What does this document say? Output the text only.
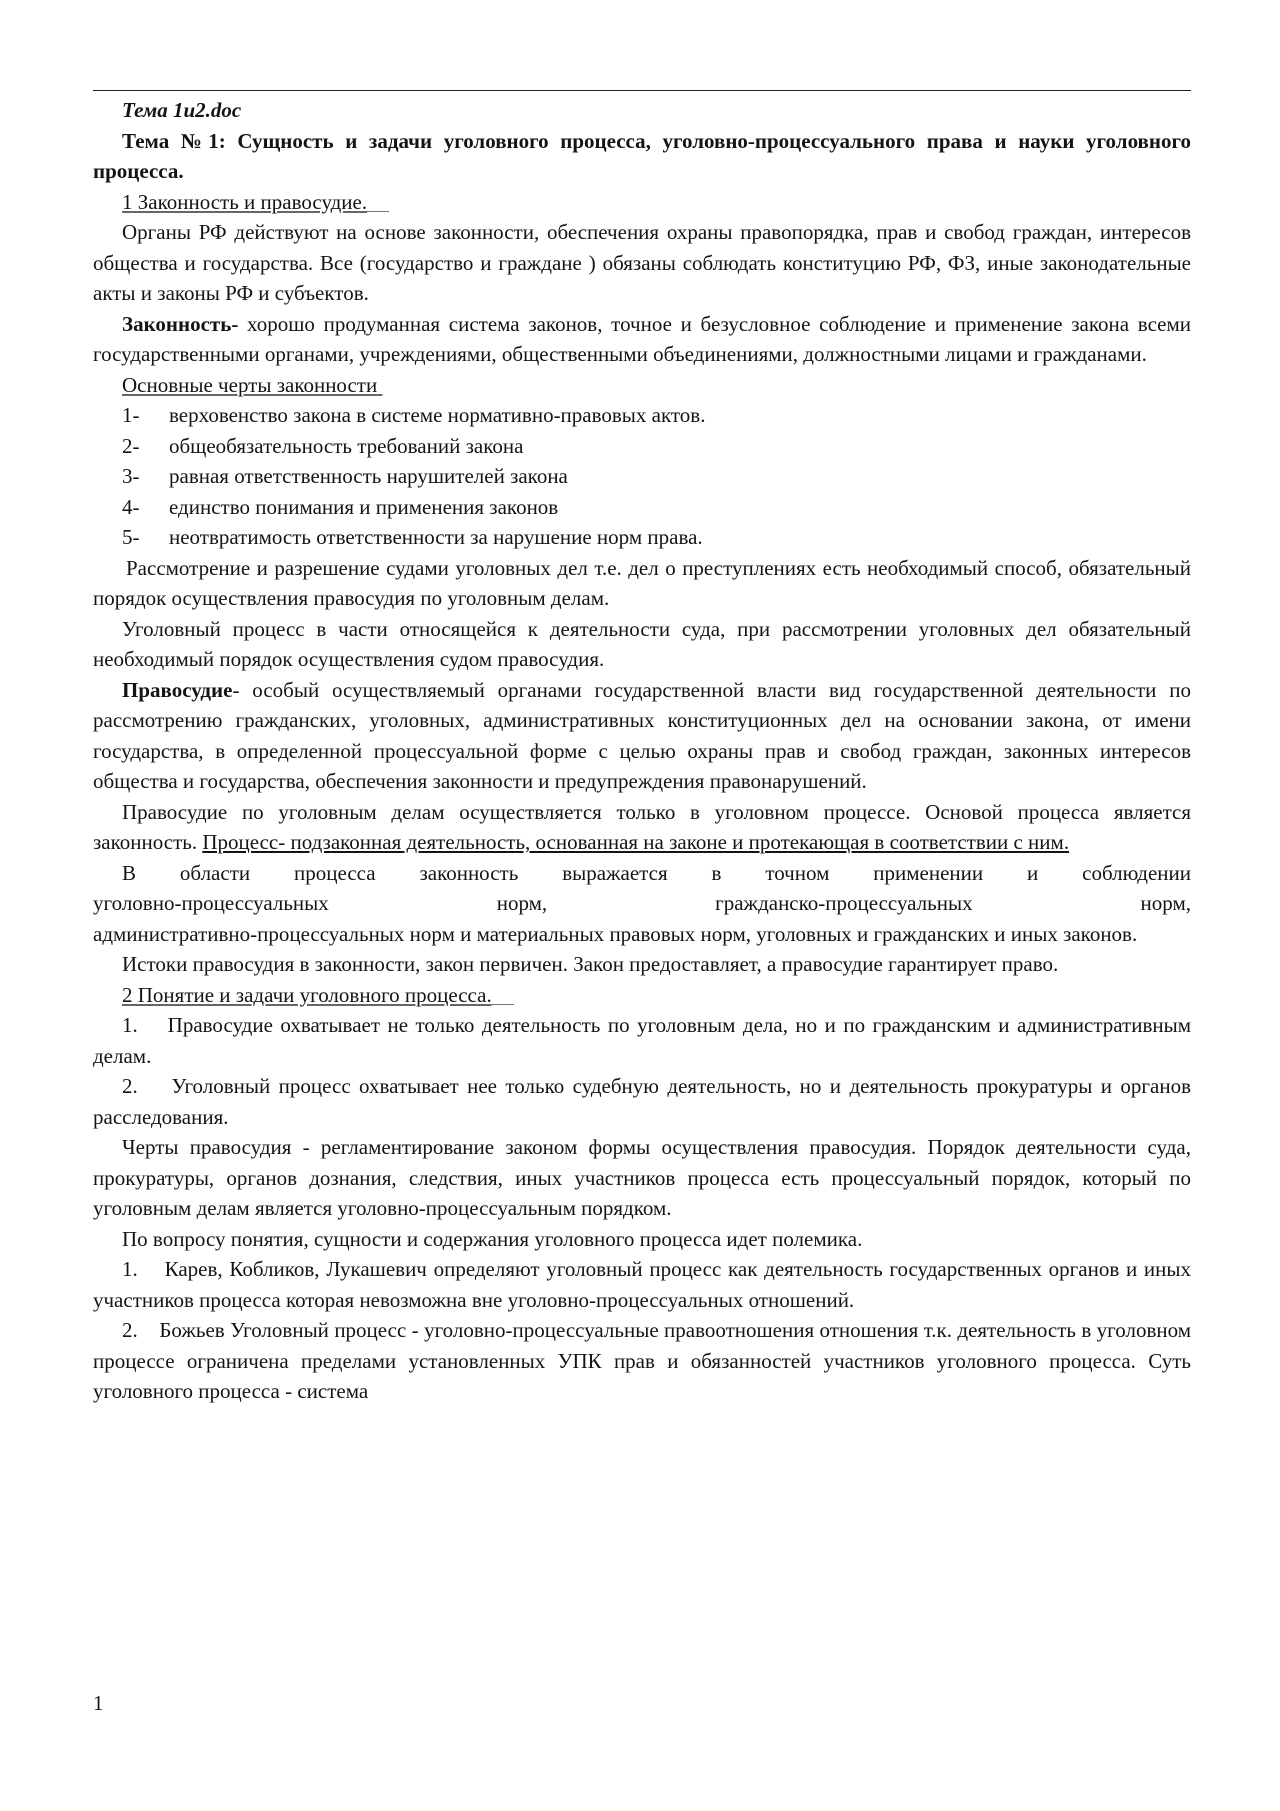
Тема 1и2.doc

Тема №1: Сущность и задачи уголовного процесса, уголовно-процессуального права и науки уголовного процесса.

1 Законность и правосудие.

Органы РФ действуют на основе законности, обеспечения охраны правопорядка, прав и свобод граждан, интересов общества и государства. Все (государство и граждане ) обязаны соблюдать конституцию РФ, ФЗ, иные законодательные акты и законы РФ и субъектов.

Законность- хорошо продуманная система законов, точное и безусловное соблюдение и применение закона всеми государственными органами, учреждениями, общественными объединениями, должностными лицами и гражданами.

Основные черты законности

1-	верховенство закона в системе нормативно-правовых актов.
2-	общеобязательность требований закона
3-	равная ответственность нарушителей закона
4-	единство понимания и применения законов
5-	неотвратимость ответственности за нарушение норм права.

Рассмотрение и разрешение судами уголовных дел т.е. дел о преступлениях есть необходимый способ, обязательный порядок осуществления правосудия по уголовным делам.

Уголовный процесс в части относящейся к деятельности суда, при рассмотрении уголовных дел обязательный необходимый порядок осуществления судом правосудия.

Правосудие- особый осуществляемый органами государственной власти вид государственной деятельности по рассмотрению гражданских, уголовных, административных конституционных дел на основании закона, от имени государства, в определенной процессуальной форме с целью охраны прав и свобод граждан, законных интересов общества и государства, обеспечения законности и предупреждения правонарушений.

Правосудие по уголовным делам осуществляется только в уголовном процессе. Основой процесса является законность. Процесс- подзаконная деятельность, основанная на законе и протекающая в соответствии с ним.

В области процесса законность выражается в точном применении и соблюдении

уголовно-процессуальных норм, гражданско-процессуальных норм,

административно-процессуальных норм и материальных правовых норм, уголовных и гражданских и иных законов.

Истоки правосудия в законности, закон первичен. Закон предоставляет, а правосудие гарантирует право.

2 Понятие и задачи уголовного процесса.

1. Правосудие охватывает не только деятельность по уголовным дела, но и по гражданским и административным делам.

2. Уголовный процесс охватывает нее только судебную деятельность, но и деятельность прокуратуры и органов расследования.

Черты правосудия - регламентирование законом формы осуществления правосудия. Порядок деятельности суда, прокуратуры, органов дознания, следствия, иных участников процесса есть процессуальный порядок, который по уголовным делам является уголовно-процессуальным порядком.

По вопросу понятия, сущности и содержания уголовного процесса идет полемика.

1. Карев, Кобликов, Лукашевич определяют уголовный процесс как деятельность государственных органов и иных участников процесса которая невозможна вне уголовно-процессуальных отношений.

2. Божьев Уголовный процесс - уголовно-процессуальные правоотношения отношения т.к. деятельность в уголовном процессе ограничена пределами установленных УПК прав и обязанностей участников уголовного процесса. Суть уголовного процесса - система

1
